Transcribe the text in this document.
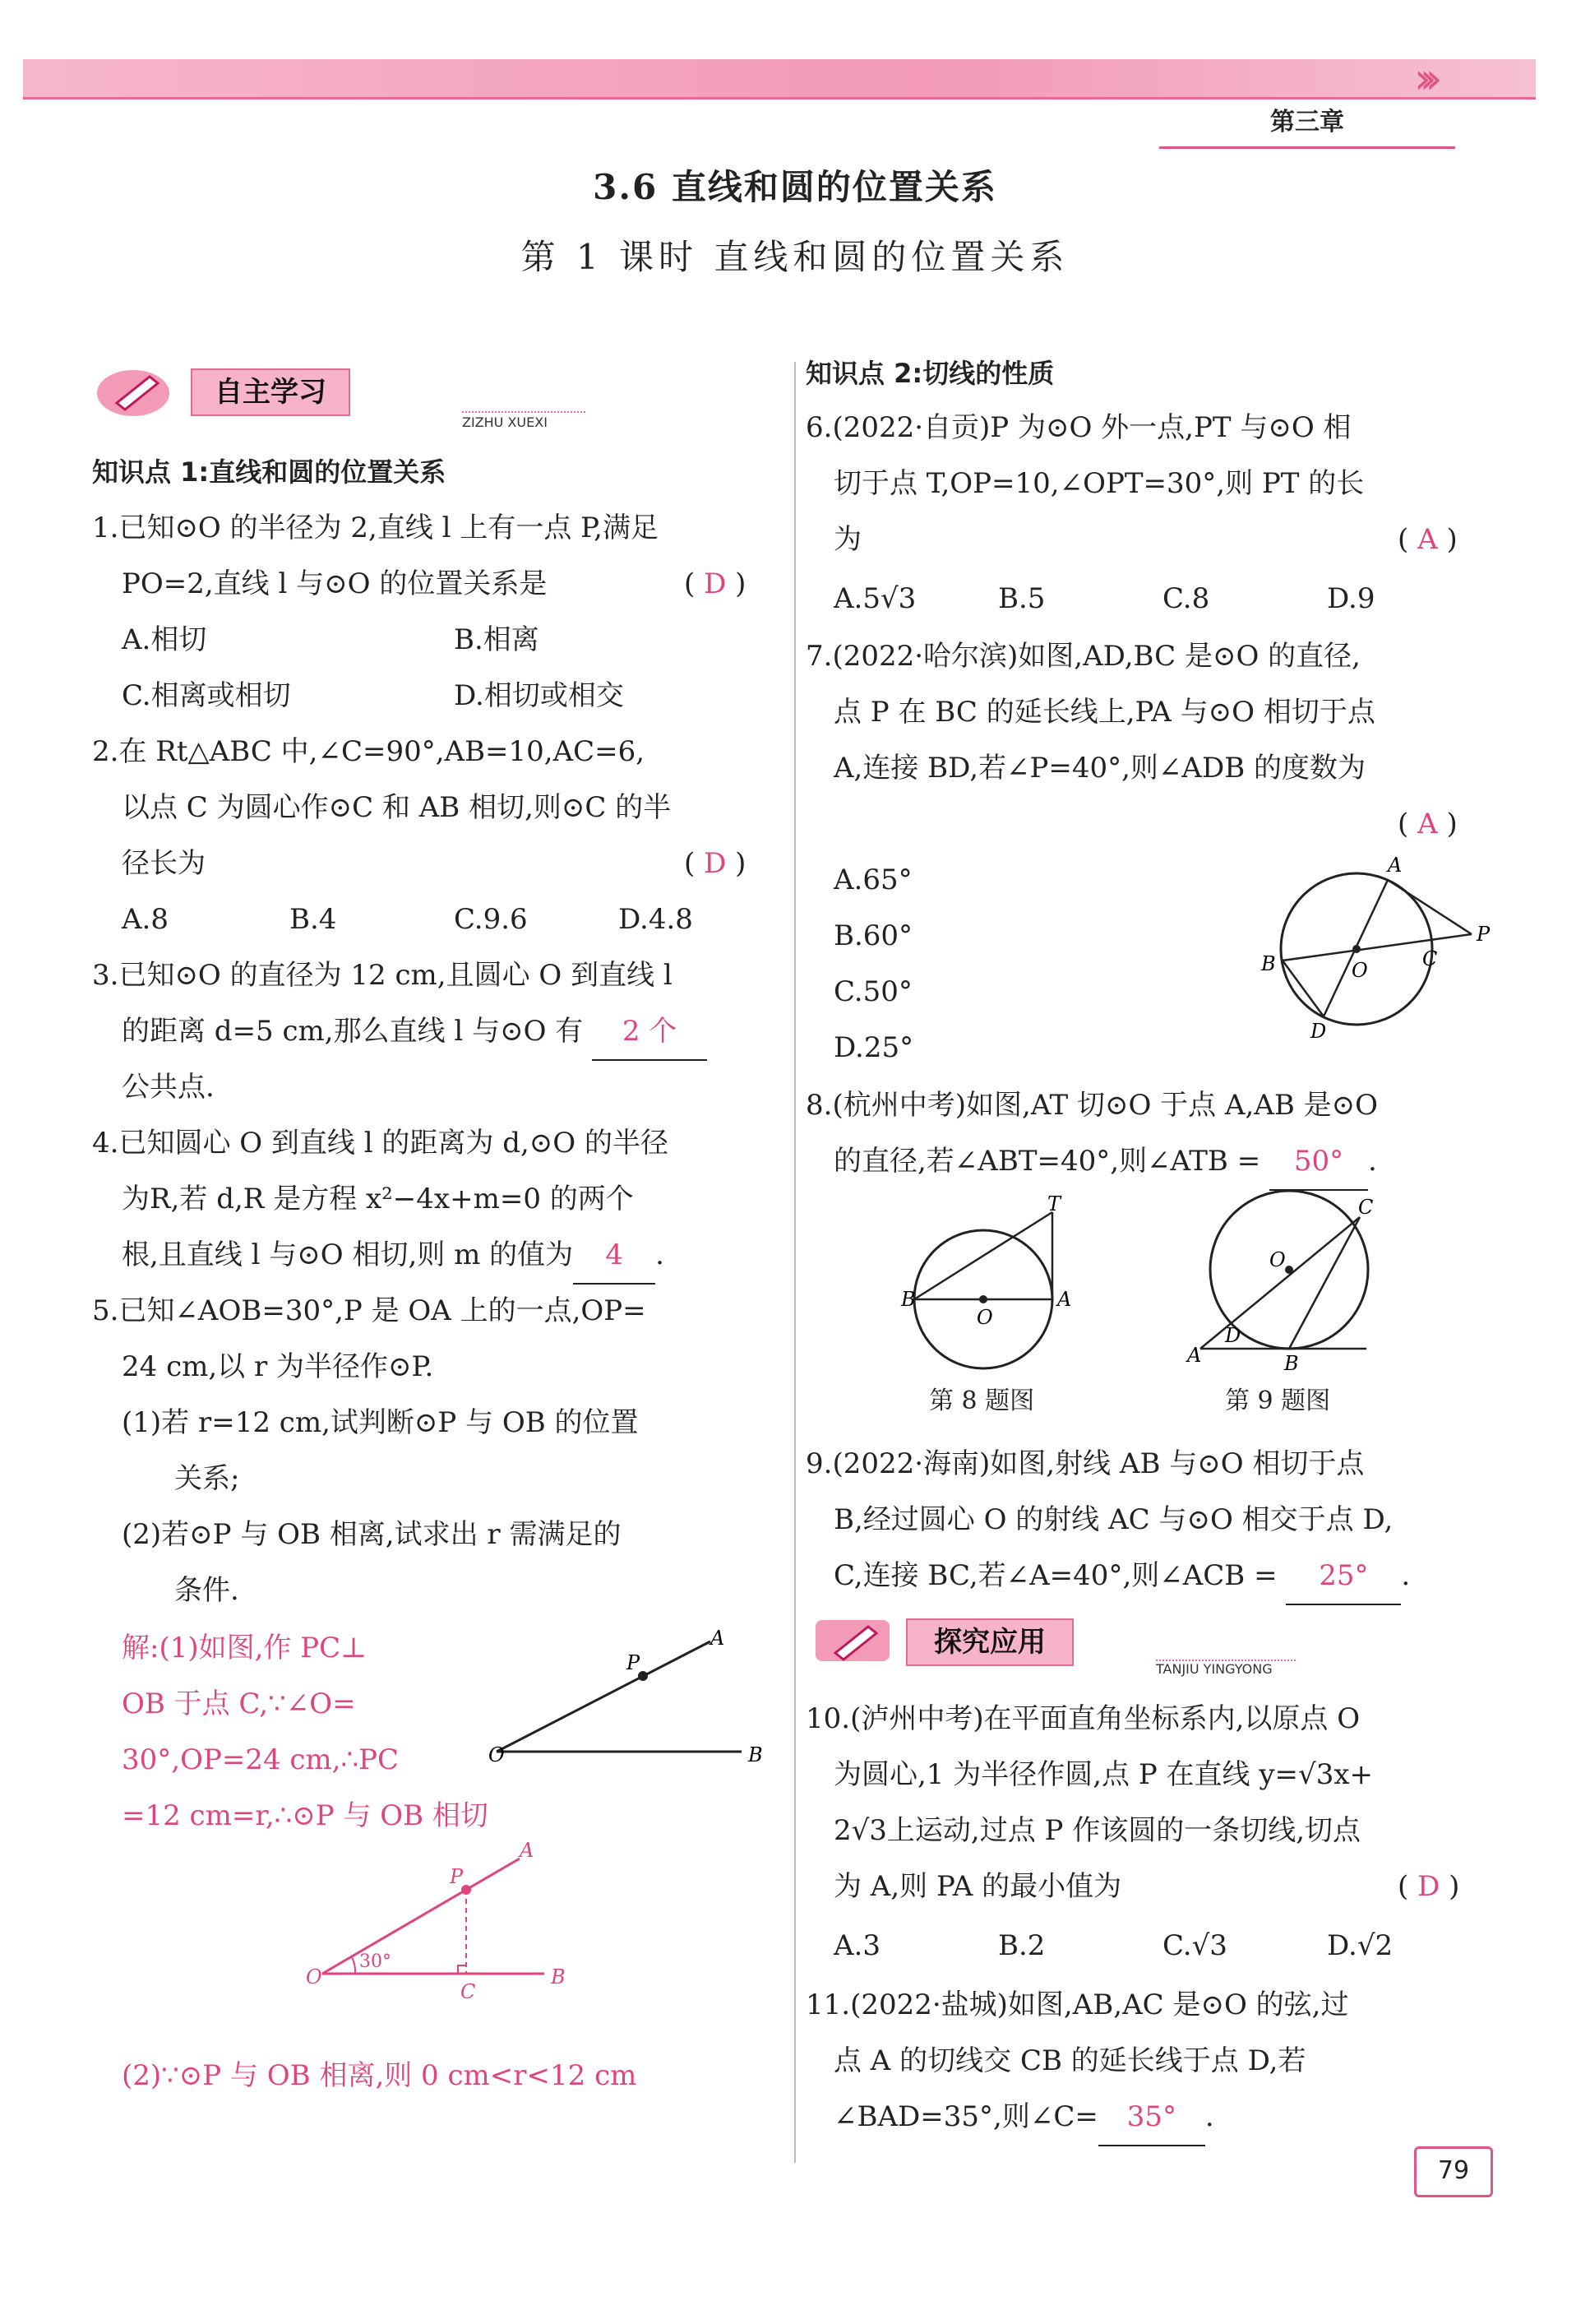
›››
第三章
3.6 直线和圆的位置关系
第 1 课时 直线和圆的位置关系
自主学习
ZIZHU XUEXI
知识点 1:直线和圆的位置关系
1.已知⊙O 的半径为 2,直线 l 上有一点 P,满足
PO=2,直线 l 与⊙O 的位置关系是	( D )
A.相切	B.相离
C.相离或相切	D.相切或相交
2.在 Rt△ABC 中,∠C=90°,AB=10,AC=6,
以点 C 为圆心作⊙C 和 AB 相切,则⊙C 的半
径长为	( D )
A.8	B.4	C.9.6	D.4.8
3.已知⊙O 的直径为 12 cm,且圆心 O 到直线 l
的距离 d=5 cm,那么直线 l 与⊙O 有 2 个
公共点.
4.已知圆心 O 到直线 l 的距离为 d,⊙O 的半径
为R,若 d,R 是方程 x²−4x+m=0 的两个
根,且直线 l 与⊙O 相切,则 m 的值为 4 .
5.已知∠AOB=30°,P 是 OA 上的一点,OP=
24 cm,以 r 为半径作⊙P.
(1)若 r=12 cm,试判断⊙P 与 OB 的位置
关系;
(2)若⊙P 与 OB 相离,试求出 r 需满足的
条件.
解:(1)如图,作 PC⊥
OB 于点 C,∵∠O=
30°,OP=24 cm,∴PC
=12 cm=r,∴⊙P 与 OB 相切
(2)∵⊙P 与 OB 相离,则 0 cm<r<12 cm
O	B
A
P
O	B
A
P
C
30°
知识点 2:切线的性质
6.(2022·自贡)P 为⊙O 外一点,PT 与⊙O 相
切于点 T,OP=10,∠OPT=30°,则 PT 的长
为	( A )
A.5√3	B.5	C.8	D.9
7.(2022·哈尔滨)如图,AD,BC 是⊙O 的直径,
点 P 在 BC 的延长线上,PA 与⊙O 相切于点
A,连接 BD,若∠P=40°,则∠ADB 的度数为
( A )
A.65°
B.60°
C.50°
D.25°
A
B	C
D
O
P
8.(杭州中考)如图,AT 切⊙O 于点 A,AB 是⊙O
的直径,若∠ABT=40°,则∠ATB = 50° .
T
B
O
A
第 8 题图
C
O
D
A	B
第 9 题图
9.(2022·海南)如图,射线 AB 与⊙O 相切于点
B,经过圆心 O 的射线 AC 与⊙O 相交于点 D,
C,连接 BC,若∠A=40°,则∠ACB = 25° .
探究应用
TANJIU YINGYONG
10.(泸州中考)在平面直角坐标系内,以原点 O
为圆心,1 为半径作圆,点 P 在直线 y=√3x+
2√3上运动,过点 P 作该圆的一条切线,切点
为 A,则 PA 的最小值为	( D )
A.3	B.2	C.√3	D.√2
11.(2022·盐城)如图,AB,AC 是⊙O 的弦,过
点 A 的切线交 CB 的延长线于点 D,若
∠BAD=35°,则∠C= 35° .
79
